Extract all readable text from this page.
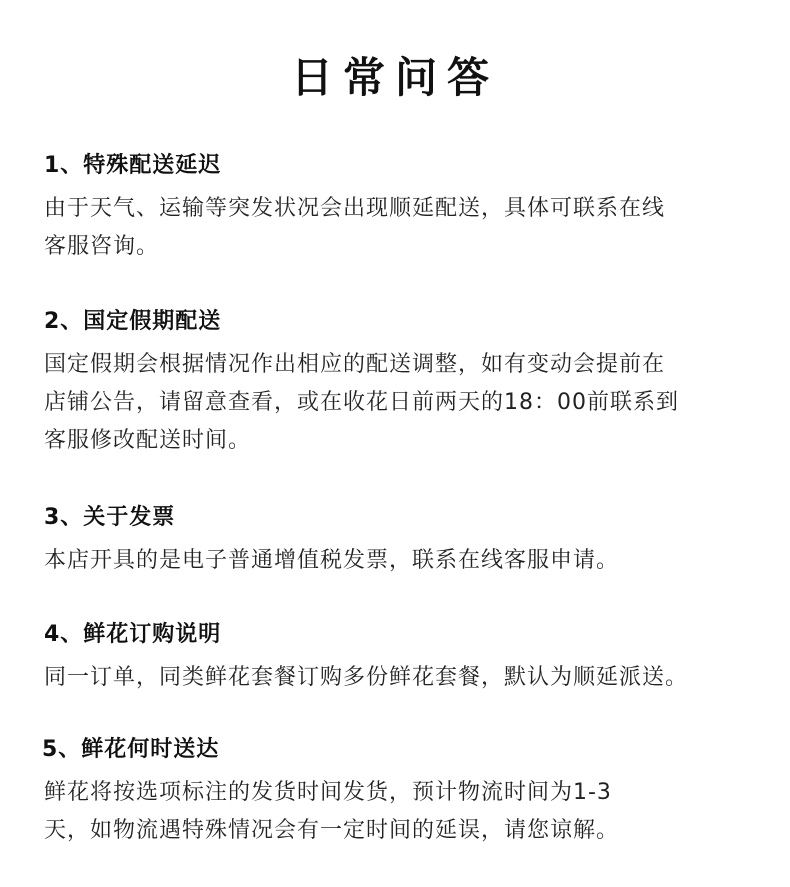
日常问答
1、特殊配送延迟

由于天气、运输等突发状况会出现顺延配送，具体可联系在线
客服咨询。

2、国定假期配送

国定假期会根据情况作出相应的配送调整，如有变动会提前在
店铺公告，请留意查看，或在收花日前两天的18：00前联系到
客服修改配送时间。

3、关于发票

本店开具的是电子普通增值税发票，联系在线客服申请。

4、鲜花订购说明

同一订单，同类鲜花套餐订购多份鲜花套餐，默认为顺延派送。

5、鲜花何时送达

鲜花将按选项标注的发货时间发货，预计物流时间为1-3
天，如物流遇特殊情况会有一定时间的延误，请您谅解。
